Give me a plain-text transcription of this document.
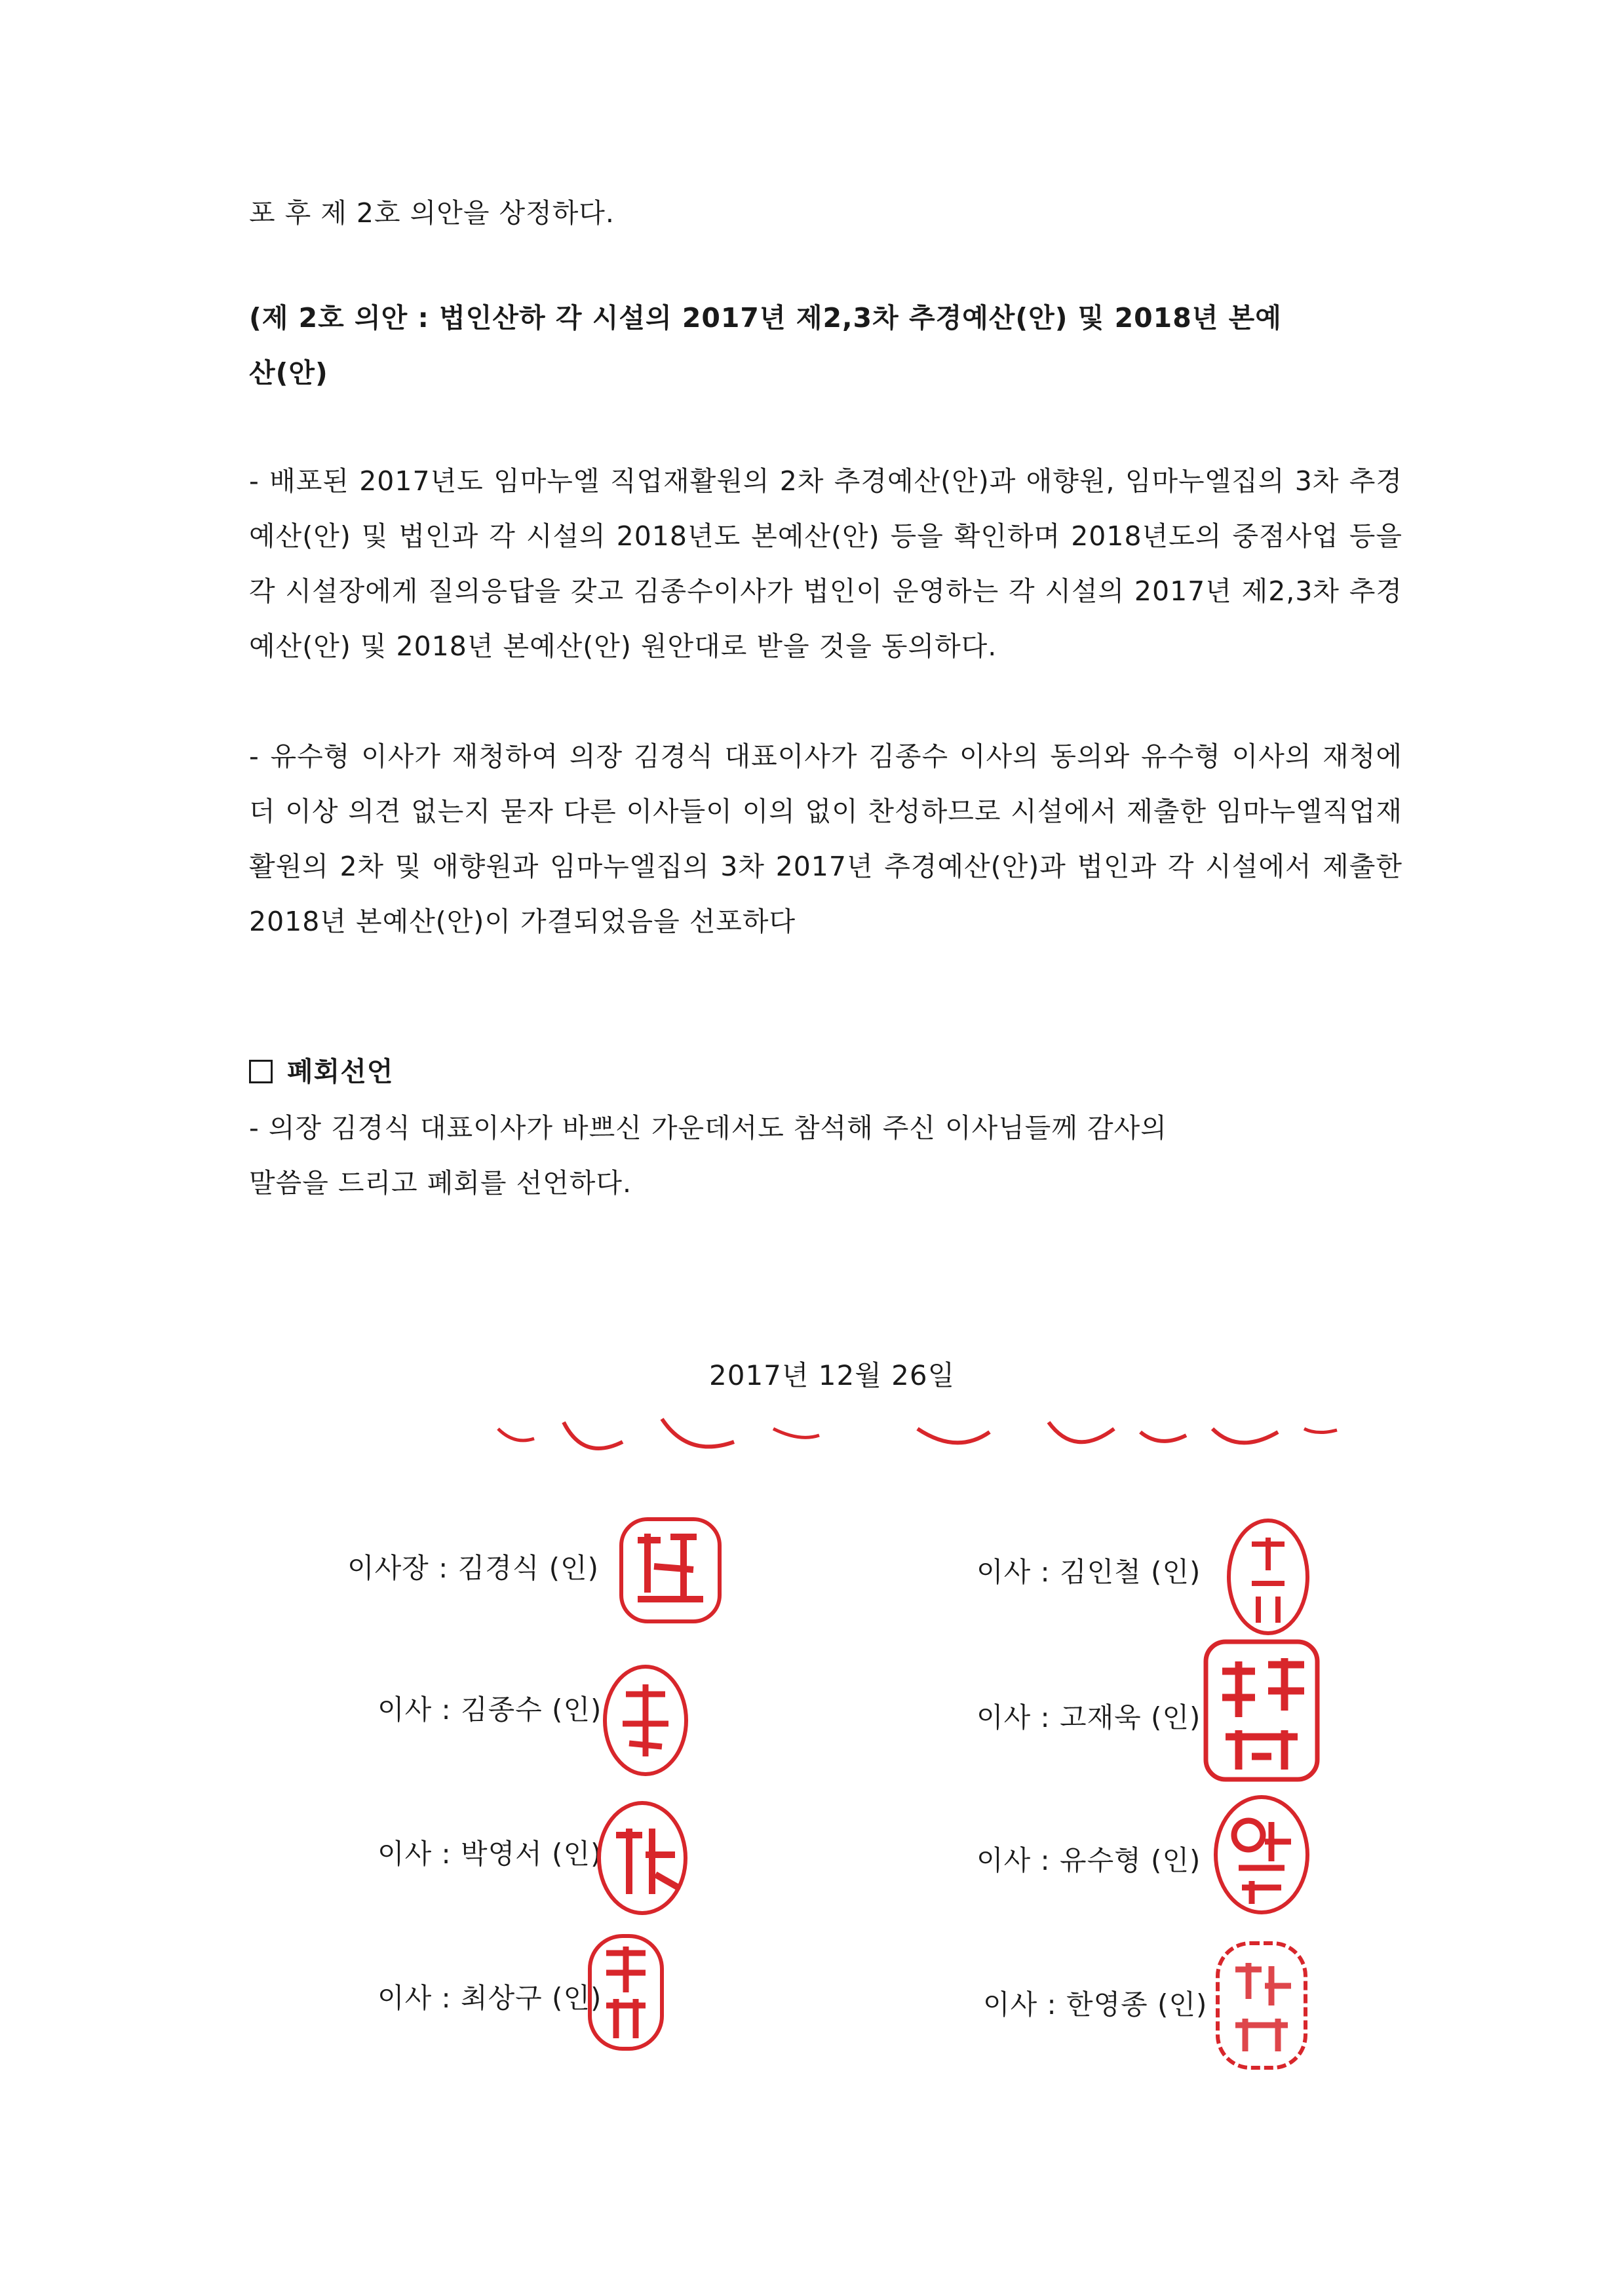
포 후 제 2호 의안을 상정하다.
(제 2호 의안 : 법인산하 각 시설의 2017년 제2,3차 추경예산(안) 및 2018년 본예
산(안)
- 배포된 2017년도 임마누엘 직업재활원의 2차 추경예산(안)과 애향원, 임마누엘집의 3차 추경예산(안) 및 법인과 각 시설의 2018년도 본예산(안) 등을 확인하며 2018년도의 중점사업 등을 각 시설장에게 질의응답을 갖고 김종수이사가 법인이 운영하는 각 시설의 2017년 제2,3차 추경예산(안) 및 2018년 본예산(안) 원안대로 받을 것을 동의하다.
- 유수형 이사가 재청하여 의장 김경식 대표이사가 김종수 이사의 동의와 유수형 이사의 재청에 더 이상 의견 없는지 묻자 다른 이사들이 이의 없이 찬성하므로 시설에서 제출한 임마누엘직업재활원의 2차 및 애향원과 임마누엘집의 3차 2017년 추경예산(안)과 법인과 각 시설에서 제출한 2018년 본예산(안)이 가결되었음을 선포하다
폐회선언
- 의장 김경식 대표이사가 바쁘신 가운데서도 참석해 주신 이사님들께 감사의
말씀을 드리고 폐회를 선언하다.
2017년 12월 26일
이사장 : 김경식 (인)
이사 : 김종수 (인)
이사 : 박영서 (인)
이사 : 최상구 (인)
이사 : 김인철 (인)
이사 : 고재욱 (인)
이사 : 유수형 (인)
이사 : 한영종 (인)
